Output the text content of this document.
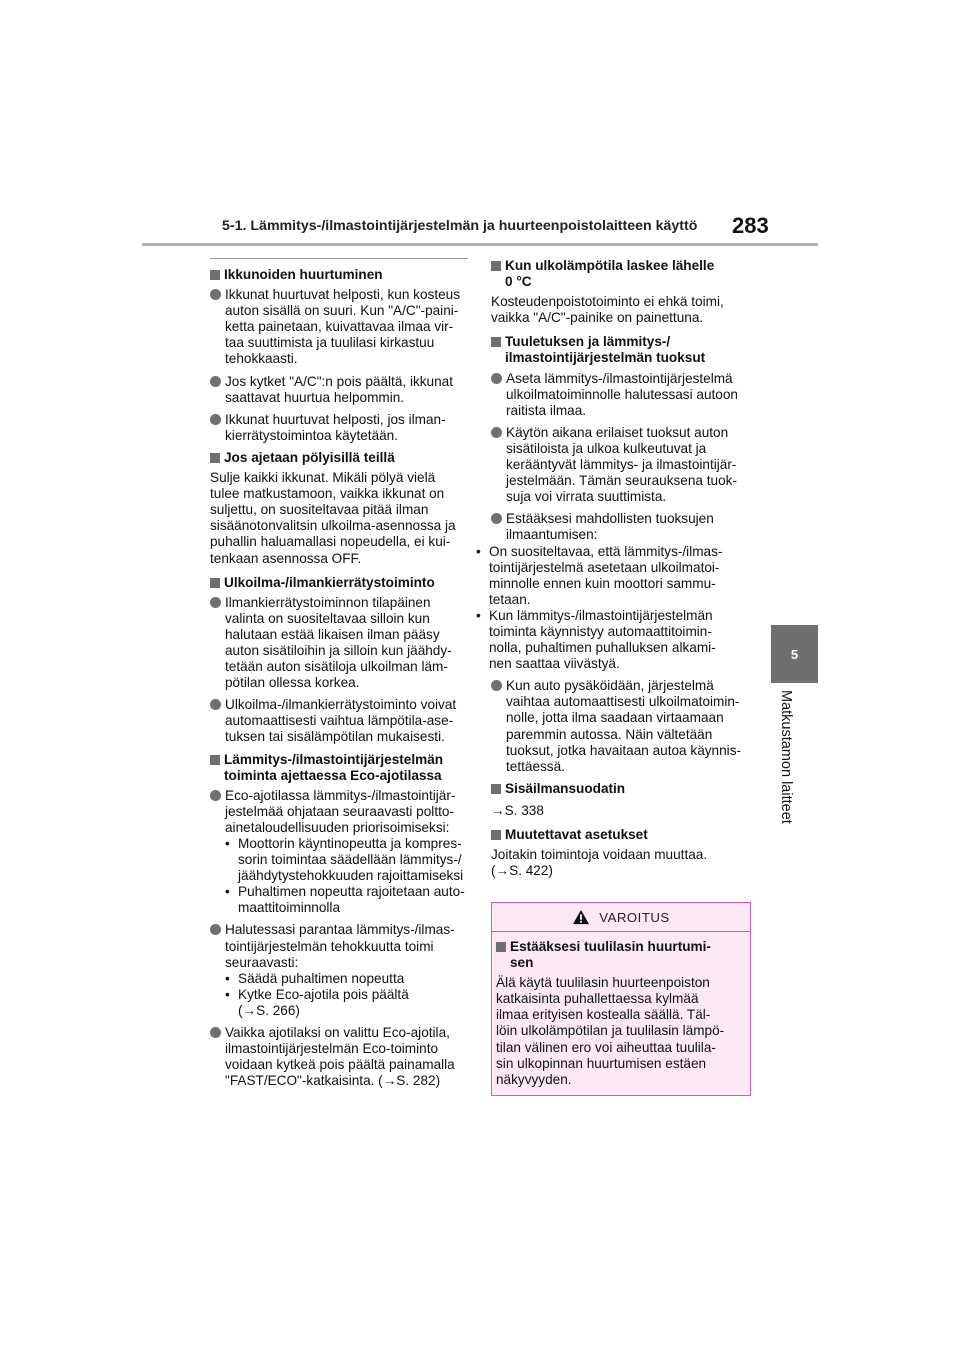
5-1. Lämmitys-/ilmastointijärjestelmän ja huurteenpoistolaitteen käyttö 283
5
Matkustamon laitteet
Ikkunoiden huurtuminen
Ikkunat huurtuvat helposti, kun kosteus
auton sisällä on suuri. Kun "A/C"-paini-
ketta painetaan, kuivattavaa ilmaa vir-
taa suuttimista ja tuulilasi kirkastuu
tehokkaasti.
Jos kytket "A/C":n pois päältä, ikkunat
saattavat huurtua helpommin.
Ikkunat huurtuvat helposti, jos ilman-
kierrätystoimintoa käytetään.
Jos ajetaan pölyisillä teillä
Sulje kaikki ikkunat. Mikäli pölyä vielä
tulee matkustamoon, vaikka ikkunat on
suljettu, on suositeltavaa pitää ilman
sisäänotonvalitsin ulkoilma-asennossa ja
puhallin haluamallasi nopeudella, ei kui-
tenkaan asennossa OFF.
Ulkoilma-/ilmankierrätystoiminto
Ilmankierrätystoiminnon tilapäinen
valinta on suositeltavaa silloin kun
halutaan estää likaisen ilman pääsy
auton sisätiloihin ja silloin kun jäähdy-
tetään auton sisätiloja ulkoilman läm-
pötilan ollessa korkea.
Ulkoilma-/ilmankierrätystoiminto voivat
automaattisesti vaihtua lämpötila-ase-
tuksen tai sisälämpötilan mukaisesti.
Lämmitys-/ilmastointijärjestelmän
toiminta ajettaessa Eco-ajotilassa
Eco-ajotilassa lämmitys-/ilmastointijär-
jestelmää ohjataan seuraavasti poltto-
ainetaloudellisuuden priorisoimiseksi:
• Moottorin käyntinopeutta ja kompres-
sorin toimintaa säädellään lämmitys-/
jäähdytystehokkuuden rajoittamiseksi
• Puhaltimen nopeutta rajoitetaan auto-
maattitoiminnolla
Halutessasi parantaa lämmitys-/ilmas-
tointijärjestelmän tehokkuutta toimi
seuraavasti:
• Säädä puhaltimen nopeutta
• Kytke Eco-ajotila pois päältä
(→S. 266)
Vaikka ajotilaksi on valittu Eco-ajotila,
ilmastointijärjestelmän Eco-toiminto
voidaan kytkeä pois päältä painamalla
"FAST/ECO"-katkaisinta. (→S. 282)
Kun ulkolämpötila laskee lähelle
0 °C
Kosteudenpoistotoiminto ei ehkä toimi,
vaikka "A/C"-painike on painettuna.
Tuuletuksen ja lämmitys-/
ilmastointijärjestelmän tuoksut
Aseta lämmitys-/ilmastointijärjestelmä
ulkoilmatoiminnolle halutessasi autoon
raitista ilmaa.
Käytön aikana erilaiset tuoksut auton
sisätiloista ja ulkoa kulkeutuvat ja
kerääntyvät lämmitys- ja ilmastointijär-
jestelmään. Tämän seurauksena tuok-
suja voi virrata suuttimista.
Estääksesi mahdollisten tuoksujen
ilmaantumisen:
• On suositeltavaa, että lämmitys-/ilmas-
tointijärjestelmä asetetaan ulkoilmatoi-
minnolle ennen kuin moottori sammu-
tetaan.
• Kun lämmitys-/ilmastointijärjestelmän
toiminta käynnistyy automaattitoimin-
nolla, puhaltimen puhalluksen alkami-
nen saattaa viivästyä.
Kun auto pysäköidään, järjestelmä
vaihtaa automaattisesti ulkoilmatoimin-
nolle, jotta ilma saadaan virtaamaan
paremmin autossa. Näin vältetään
tuoksut, jotka havaitaan autoa käynnis-
tettäessä.
Sisäilmansuodatin
→S. 338
Muutettavat asetukset
Joitakin toimintoja voidaan muuttaa.
(→S. 422)
VAROITUS
Estääksesi tuulilasin huurtumi-
sen
Älä käytä tuulilasin huurteenpoiston
katkaisinta puhallettaessa kylmää
ilmaa erityisen kostealla säällä. Täl-
löin ulkolämpötilan ja tuulilasin lämpö-
tilan välinen ero voi aiheuttaa tuulila-
sin ulkopinnan huurtumisen estäen
näkyvyyden.
